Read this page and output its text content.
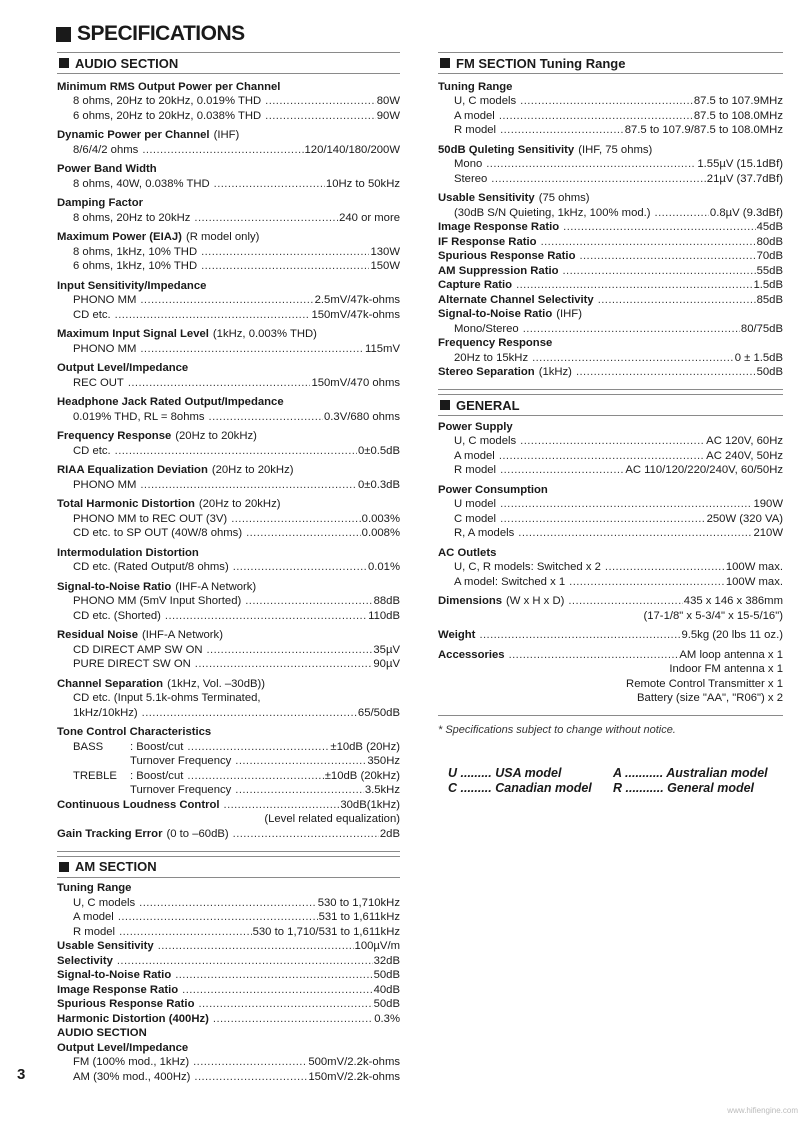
SPECIFICATIONS
AUDIO SECTION
Minimum RMS Output Power per Channel
8 ohms, 20Hz to 20kHz, 0.019% THD .....	80W
6 ohms, 20Hz to 20kHz, 0.038% THD .....	90W
Dynamic Power per Channel (IHF)
8/6/4/2 ohms .....	120/140/180/200W
Power Band Width
8 ohms, 40W, 0.038% THD .....	10Hz to 50kHz
Damping Factor
8 ohms, 20Hz to 20kHz .....	240 or more
Maximum Power (EIAJ) (R model only)
8 ohms, 1kHz, 10% THD .....	130W
6 ohms, 1kHz, 10% THD .....	150W
Input Sensitivity/Impedance
PHONO MM .....	2.5mV/47k-ohms
CD etc. .....	150mV/47k-ohms
Maximum Input Signal Level (1kHz, 0.003% THD)
PHONO MM .....	115mV
Output Level/Impedance
REC OUT .....	150mV/470 ohms
Headphone Jack Rated Output/Impedance
0.019% THD, RL = 8ohms .....	0.3V/680 ohms
Frequency Response (20Hz to 20kHz)
CD etc. .....	0±0.5dB
RIAA Equalization Deviation (20Hz to 20kHz)
PHONO MM .....	0±0.3dB
Total Harmonic Distortion (20Hz to 20kHz)
PHONO MM to REC OUT (3V) .....	0.003%
CD etc. to SP OUT (40W/8 ohms) .....	0.008%
Intermodulation Distortion
CD etc. (Rated Output/8 ohms) .....	0.01%
Signal-to-Noise Ratio (IHF-A Network)
PHONO MM (5mV Input Shorted) .....	88dB
CD etc. (Shorted) .....	110dB
Residual Noise (IHF-A Network)
CD DIRECT AMP SW ON .....	35µV
PURE DIRECT SW ON .....	90µV
Channel Separation (1kHz, Vol. –30dB))
CD etc. (Input 5.1k-ohms Terminated,
1kHz/10kHz) .....	65/50dB
Tone Control Characteristics
BASS	: Boost/cut .....	±10dB (20Hz)
Turnover Frequency .....	350Hz
TREBLE	: Boost/cut .....	±10dB (20kHz)
Turnover Frequency .....	3.5kHz
Continuous Loudness Control .....	30dB(1kHz)
(Level related equalization)
Gain Tracking Error (0 to –60dB) .....	2dB
AM SECTION
Tuning Range
U, C models .....	530 to 1,710kHz
A model .....	531 to 1,611kHz
R model .....	530 to 1,710/531 to 1,611kHz
Usable Sensitivity .....	100µV/m
Selectivity .....	32dB
Signal-to-Noise Ratio .....	50dB
Image Response Ratio .....	40dB
Spurious Response Ratio .....	50dB
Harmonic Distortion (400Hz) .....	0.3%
AUDIO SECTION
Output Level/Impedance
FM (100% mod., 1kHz) .....	500mV/2.2k-ohms
AM (30% mod., 400Hz) .....	150mV/2.2k-ohms
FM SECTION Tuning Range
Tuning Range
U, C models .....	87.5 to 107.9MHz
A model .....	87.5 to 108.0MHz
R model .....	87.5 to 107.9/87.5 to 108.0MHz
50dB Quleting Sensitivity (IHF, 75 ohms)
Mono .....	1.55µV (15.1dBf)
Stereo .....	21µV (37.7dBf)
Usable Sensitivity (75 ohms)
(30dB S/N Quieting, 1kHz, 100% mod.) .....	0.8µV (9.3dBf)
Image Response Ratio .....	45dB
IF Response Ratio .....	80dB
Spurious Response Ratio .....	70dB
AM Suppression Ratio .....	55dB
Capture Ratio .....	1.5dB
Alternate Channel Selectivity .....	85dB
Signal-to-Noise Ratio (IHF)
Mono/Stereo .....	80/75dB
Frequency Response
20Hz to 15kHz .....	0 ± 1.5dB
Stereo Separation (1kHz) .....	50dB
GENERAL
Power Supply
U, C models .....	AC 120V, 60Hz
A model .....	AC 240V, 50Hz
R model .....	AC 110/120/220/240V, 60/50Hz
Power Consumption
U model .....	190W
C model .....	250W (320 VA)
R, A models .....	210W
AC Outlets
U, C, R models: Switched x 2 .....	100W max.
A model: Switched x 1 .....	100W max.
Dimensions (W x H x D) .....	435 x 146 x 386mm
(17-1/8" x 5-3/4" x 15-5/16")
Weight .....	9.5kg (20 lbs 11 oz.)
Accessories .....	AM loop antenna x 1
Indoor FM antenna x 1
Remote Control Transmitter x 1
Battery (size "AA", "R06") x 2
* Specifications subject to change without notice.
U ......... USA model	A ........... Australian model
C ......... Canadian model	R ........... General model
3
www.hifiengine.com
